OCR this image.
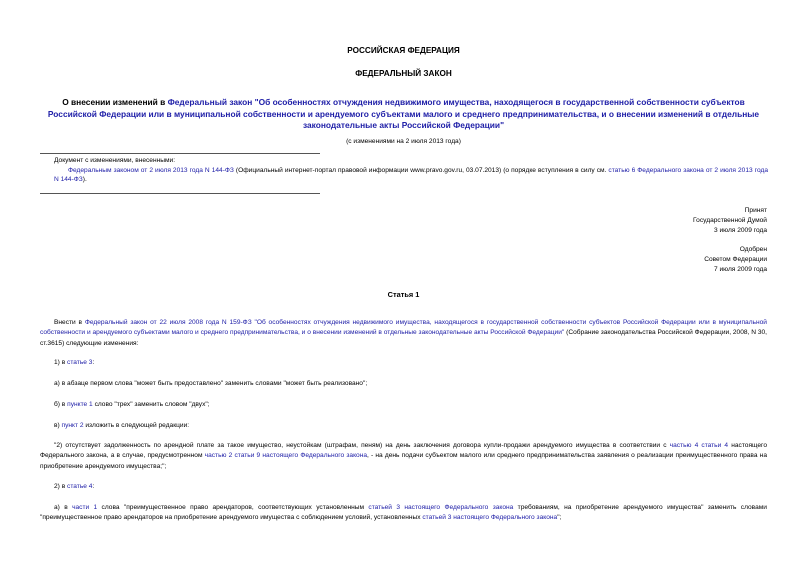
РОССИЙСКАЯ ФЕДЕРАЦИЯ
ФЕДЕРАЛЬНЫЙ ЗАКОН
О внесении изменений в Федеральный закон "Об особенностях отчуждения недвижимого имущества, находящегося в государственной собственности субъектов Российской Федерации или в муниципальной собственности и арендуемого субъектами малого и среднего предпринимательства, и о внесении изменений в отдельные законодательные акты Российской Федерации"
(с изменениями на 2 июля 2013 года)

Документ с изменениями, внесенными:

Федеральным законом от 2 июля 2013 года N 144-ФЗ (Официальный интернет-портал правовой информации www.pravo.gov.ru, 03.07.2013) (о порядке вступления в силу см. статью 6 Федерального закона от 2 июля 2013 года N 144-ФЗ).

Принят
Государственной Думой
3 июля 2009 года
Одобрен
Советом Федерации
7 июля 2009 года
Статья 1

Внести в Федеральный закон от 22 июля 2008 года N 159-ФЗ "Об особенностях отчуждения недвижимого имущества, находящегося в государственной собственности субъектов Российской Федерации или в муниципальной собственности и арендуемого субъектами малого и среднего предпринимательства, и о внесении изменений в отдельные законодательные акты Российской Федерации" (Собрание законодательства Российской Федерации, 2008, N 30, ст.3615) следующие изменения:

1) в статье 3:

а) в абзаце первом слова "может быть предоставлено" заменить словами "может быть реализовано";

б) в пункте 1 слово "трех" заменить словом "двух";

в) пункт 2 изложить в следующей редакции:

"2) отсутствует задолженность по арендной плате за такое имущество, неустойкам (штрафам, пеням) на день заключения договора купли-продажи арендуемого имущества в соответствии с частью 4 статьи 4 настоящего Федерального закона, а в случае, предусмотренном частью 2 статьи 9 настоящего Федерального закона, - на день подачи субъектом малого или среднего предпринимательства заявления о реализации преимущественного права на приобретение арендуемого имущества;";

2) в статье 4:

а) в части 1 слова "преимущественное право арендаторов, соответствующих установленным статьей 3 настоящего Федерального закона требованиям, на приобретение арендуемого имущества" заменить словами "преимущественное право арендаторов на приобретение арендуемого имущества с соблюдением условий, установленных статьей 3 настоящего Федерального закона";
